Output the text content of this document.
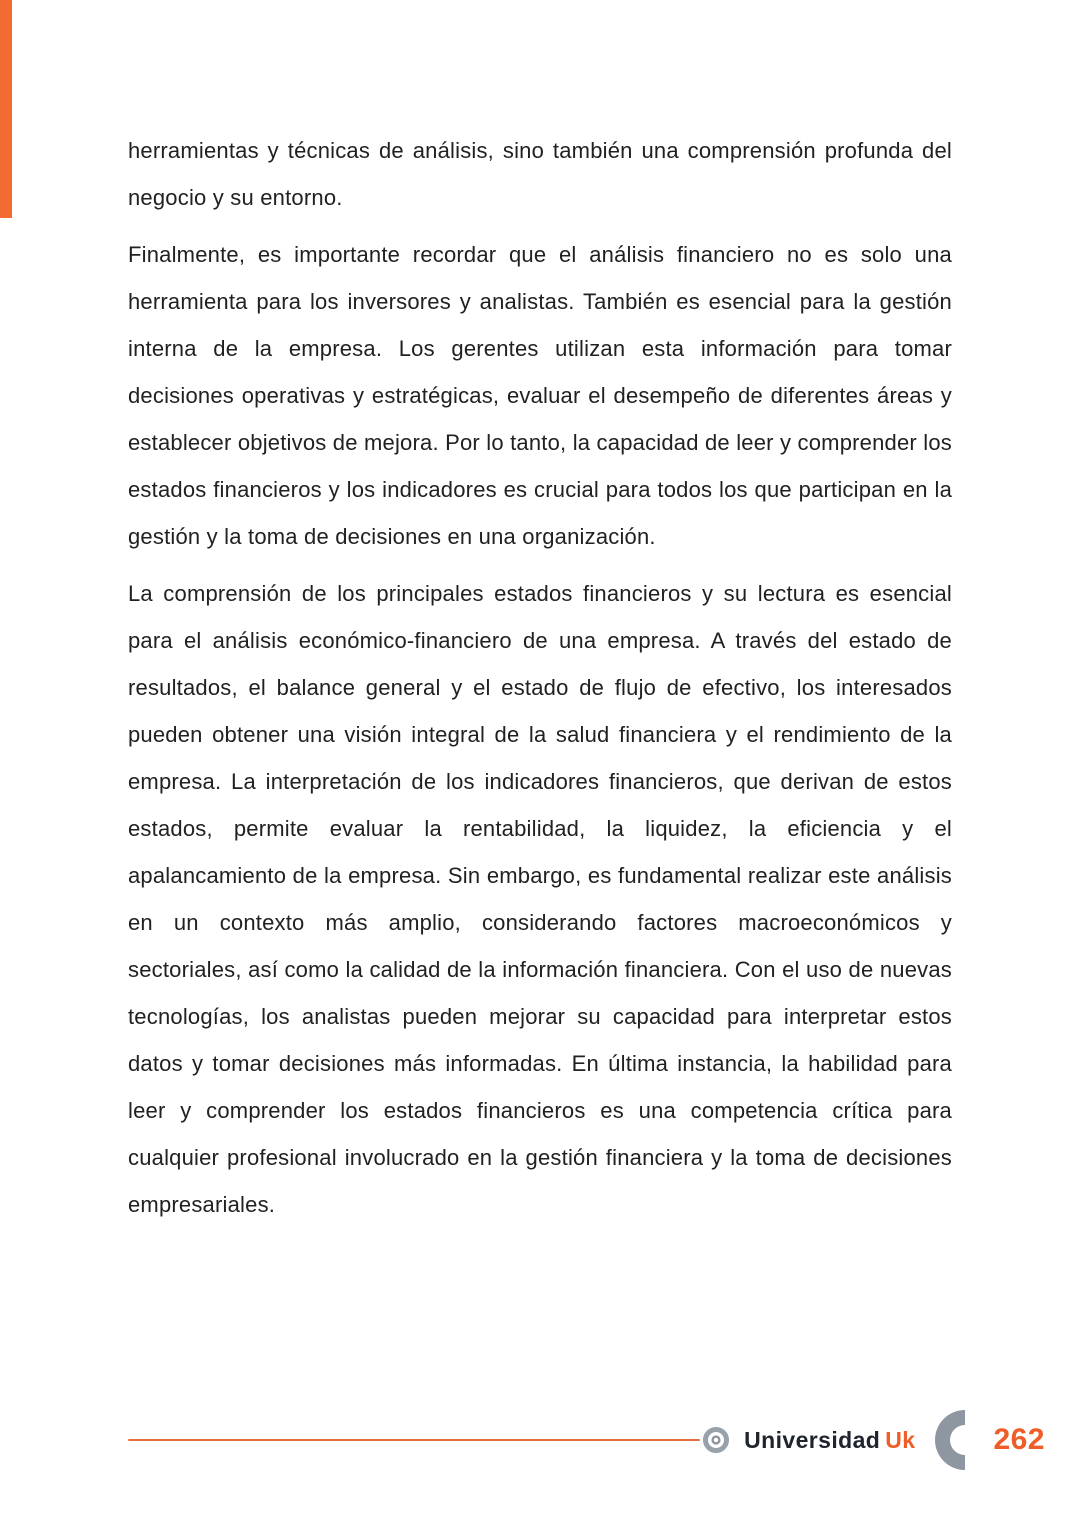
herramientas y técnicas de análisis, sino también una comprensión profunda del negocio y su entorno.

Finalmente, es importante recordar que el análisis financiero no es solo una herramienta para los inversores y analistas. También es esencial para la gestión interna de la empresa. Los gerentes utilizan esta información para tomar decisiones operativas y estratégicas, evaluar el desempeño de diferentes áreas y establecer objetivos de mejora. Por lo tanto, la capacidad de leer y comprender los estados financieros y los indicadores es crucial para todos los que participan en la gestión y la toma de decisiones en una organización.

La comprensión de los principales estados financieros y su lectura es esencial para el análisis económico-financiero de una empresa. A través del estado de resultados, el balance general y el estado de flujo de efectivo, los interesados pueden obtener una visión integral de la salud financiera y el rendimiento de la empresa. La interpretación de los indicadores financieros, que derivan de estos estados, permite evaluar la rentabilidad, la liquidez, la eficiencia y el apalancamiento de la empresa. Sin embargo, es fundamental realizar este análisis en un contexto más amplio, considerando factores macroeconómicos y sectoriales, así como la calidad de la información financiera. Con el uso de nuevas tecnologías, los analistas pueden mejorar su capacidad para interpretar estos datos y tomar decisiones más informadas. En última instancia, la habilidad para leer y comprender los estados financieros es una competencia crítica para cualquier profesional involucrado en la gestión financiera y la toma de decisiones empresariales.

Universidad Uk	262
